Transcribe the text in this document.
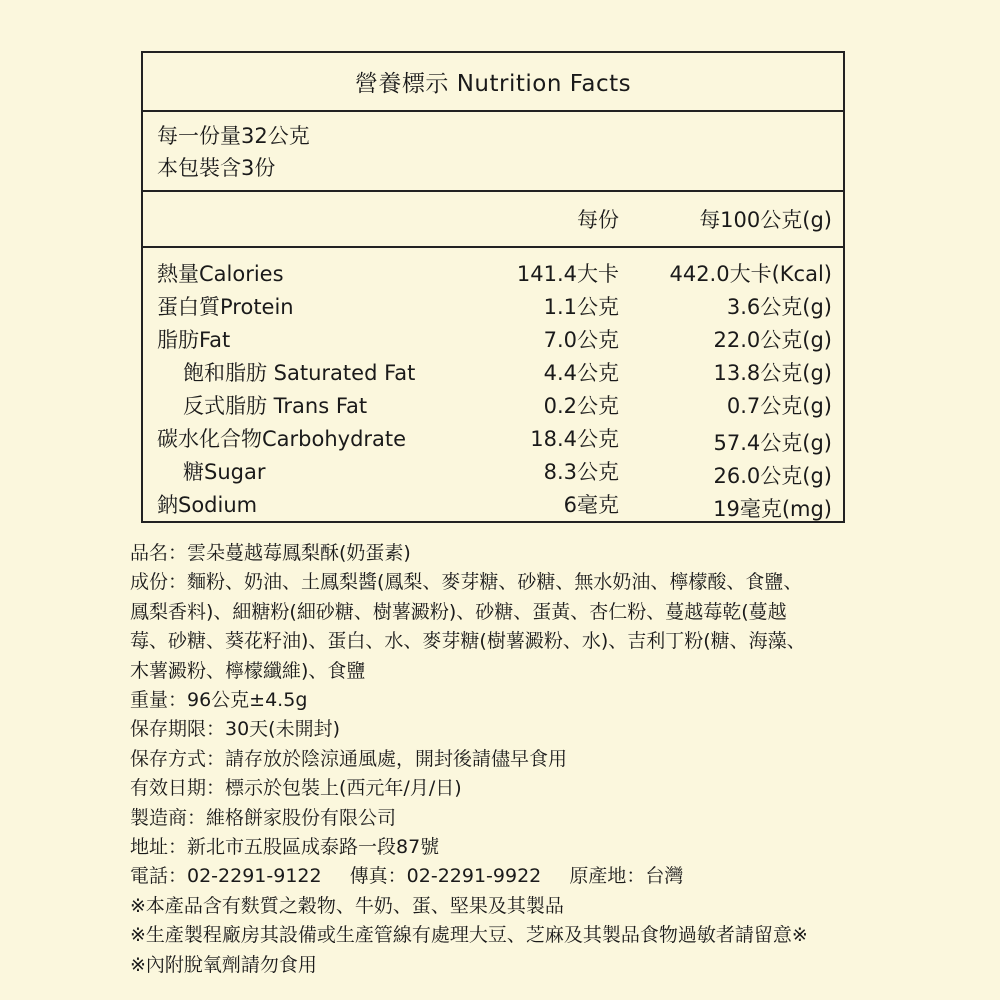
營養標示 Nutrition Facts
每一份量32公克
本包裝含3份
每份	每100公克(g)
熱量Calories	141.4大卡 442.0大卡(Kcal)
蛋白質Protein	1.1公克	3.6公克(g)
脂肪Fat	7.0公克	22.0公克(g)
飽和脂肪 Saturated Fat	4.4公克	13.8公克(g)
反式脂肪 Trans Fat	0.2公克	0.7公克(g)
碳水化合物Carbohydrate	18.4公克	57.4公克(g)
糖Sugar	8.3公克	26.0公克(g)
鈉Sodium	6毫克	19毫克(mg)
品名：雲朵蔓越莓鳳梨酥(奶蛋素)
成份：麵粉、奶油、土鳳梨醬(鳳梨、麥芽糖、砂糖、無水奶油、檸檬酸、食鹽、
鳳梨香料)、細糖粉(細砂糖、樹薯澱粉)、砂糖、蛋黃、杏仁粉、蔓越莓乾(蔓越
莓、砂糖、葵花籽油)、蛋白、水、麥芽糖(樹薯澱粉、水)、吉利丁粉(糖、海藻、
木薯澱粉、檸檬纖維)、食鹽
重量：96公克±4.5g
保存期限：30天(未開封)
保存方式：請存放於陰涼通風處，開封後請儘早食用
有效日期：標示於包裝上(西元年/月/日)
製造商：維格餅家股份有限公司
地址：新北市五股區成泰路一段87號
電話：02-2291-9122 傳真：02-2291-9922 原產地：台灣
※本產品含有麩質之穀物、牛奶、蛋、堅果及其製品
※生產製程廠房其設備或生產管線有處理大豆、芝麻及其製品食物過敏者請留意※
※內附脫氧劑請勿食用
